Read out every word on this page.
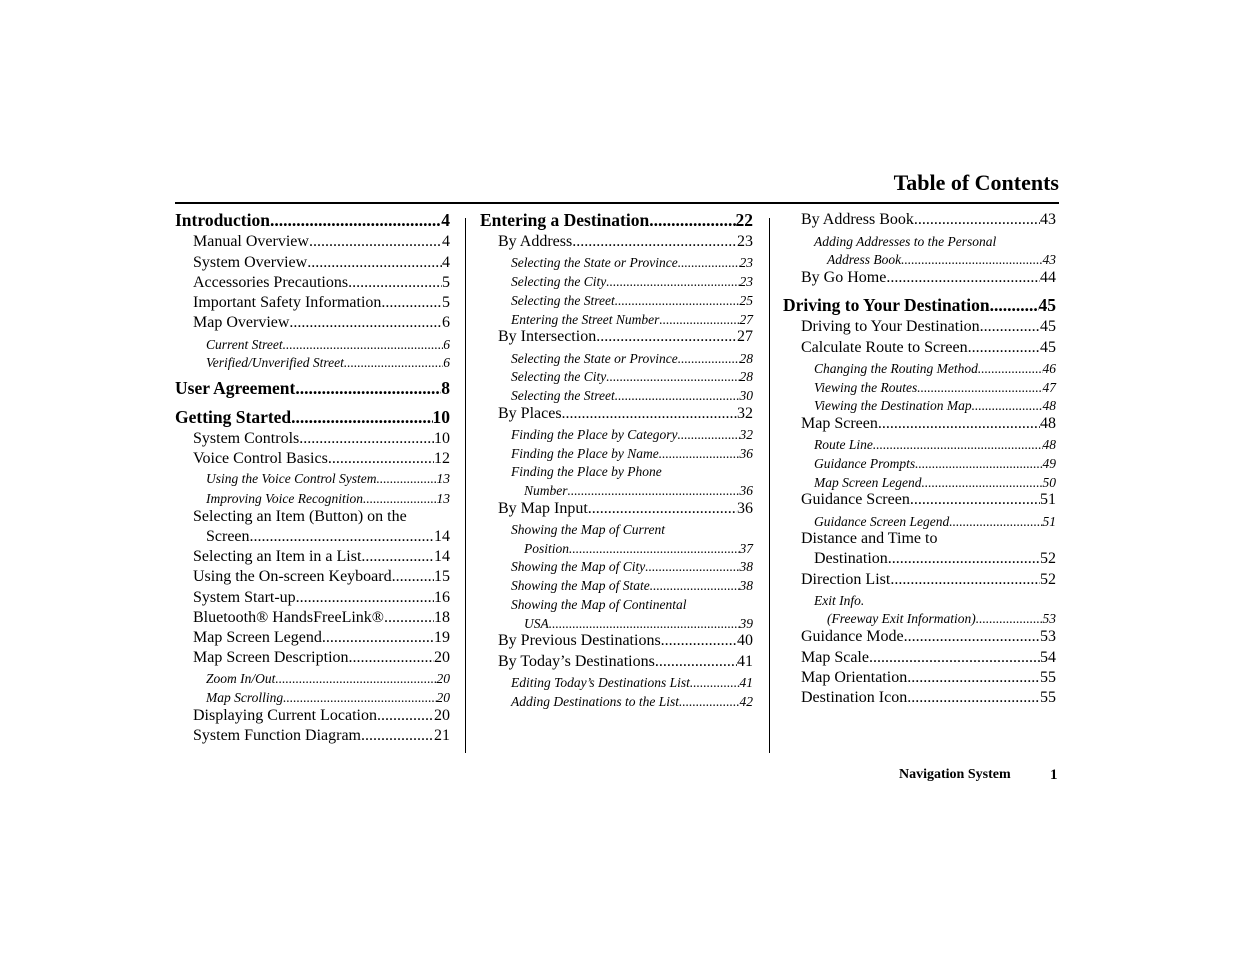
Table of Contents
Introduction .....	4
Manual Overview .....	4
System Overview .....	4
Accessories Precautions .....	5
Important Safety Information .....	5
Map Overview .....	6
Current Street .....	6
Verified/Unverified Street .....	6
User Agreement .....	8
Getting Started .....	10
System Controls .....	10
Voice Control Basics .....	12
Using the Voice Control System .....	13
Improving Voice Recognition .....	13
Selecting an Item (Button) on the
Screen .....	14
Selecting an Item in a List .....	14
Using the On-screen Keyboard .....	15
System Start-up .....	16
Bluetooth® HandsFreeLink® .....	18
Map Screen Legend .....	19
Map Screen Description .....	20
Zoom In/Out .....	20
Map Scrolling .....	20
Displaying Current Location .....	20
System Function Diagram .....	21
Entering a Destination .....	22
By Address .....	23
Selecting the State or Province .....	23
Selecting the City .....	23
Selecting the Street .....	25
Entering the Street Number .....	27
By Intersection .....	27
Selecting the State or Province .....	28
Selecting the City .....	28
Selecting the Street .....	30
By Places .....	32
Finding the Place by Category .....	32
Finding the Place by Name .....	36
Finding the Place by Phone
Number .....	36
By Map Input .....	36
Showing the Map of Current
Position .....	37
Showing the Map of City .....	38
Showing the Map of State .....	38
Showing the Map of Continental
USA .....	39
By Previous Destinations .....	40
By Today’s Destinations .....	41
Editing Today’s Destinations List .....	41
Adding Destinations to the List .....	42
By Address Book .....	43
Adding Addresses to the Personal
Address Book .....	43
By Go Home .....	44
Driving to Your Destination .....	45
Driving to Your Destination .....	45
Calculate Route to Screen .....	45
Changing the Routing Method .....	46
Viewing the Routes .....	47
Viewing the Destination Map .....	48
Map Screen .....	48
Route Line .....	48
Guidance Prompts .....	49
Map Screen Legend .....	50
Guidance Screen .....	51
Guidance Screen Legend .....	51
Distance and Time to
Destination .....	52
Direction List .....	52
Exit Info.
(Freeway Exit Information) .....	53
Guidance Mode .....	53
Map Scale .....	54
Map Orientation .....	55
Destination Icon .....	55
Navigation System	1
